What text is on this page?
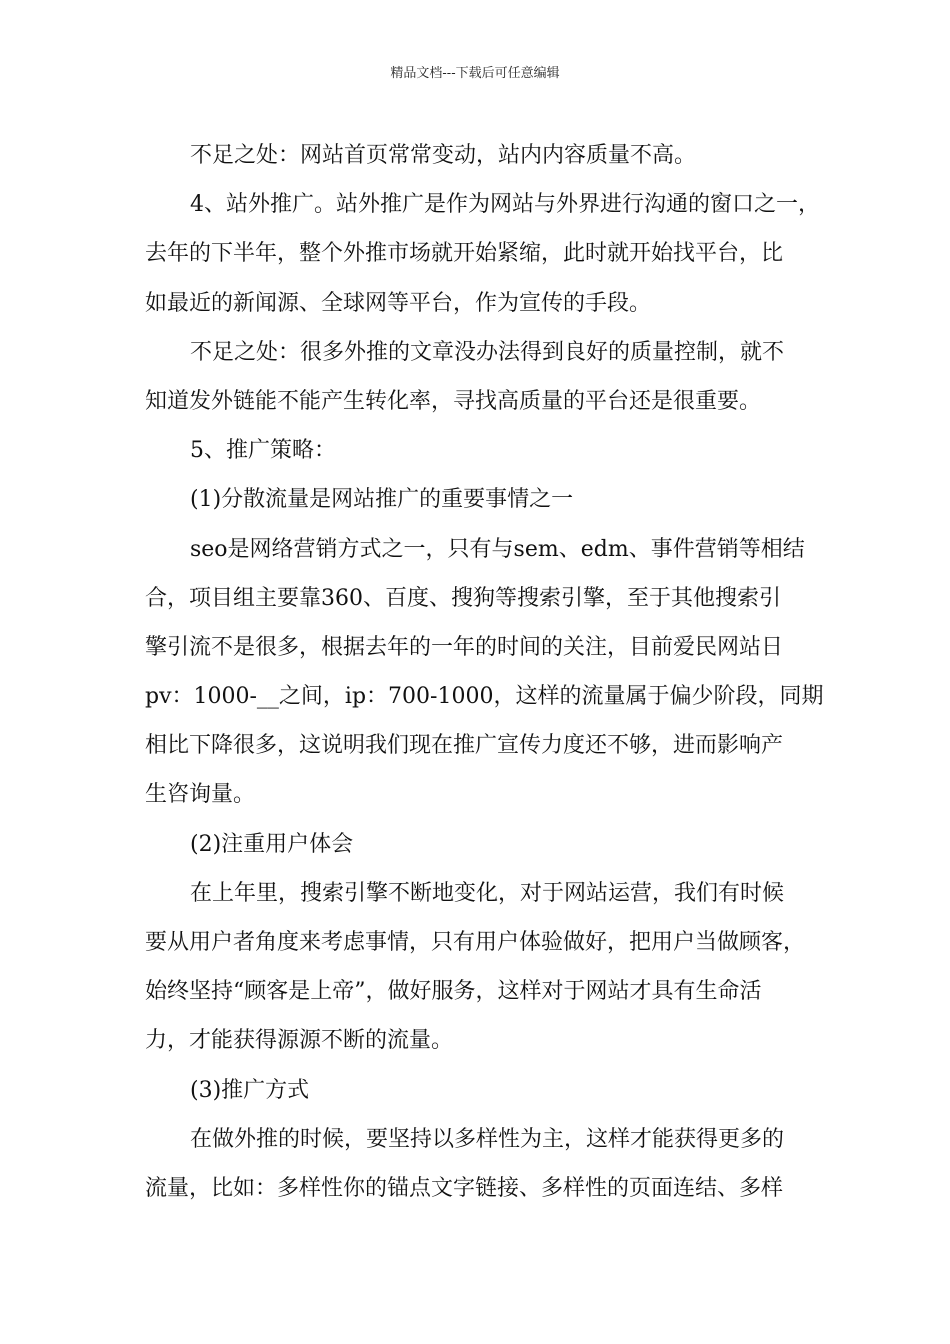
精品文档---下载后可任意编辑
不足之处：网站首页常常变动，站内内容质量不高。
4、站外推广。站外推广是作为网站与外界进行沟通的窗口之一，
去年的下半年，整个外推市场就开始紧缩，此时就开始找平台，比
如最近的新闻源、全球网等平台，作为宣传的手段。
不足之处：很多外推的文章没办法得到良好的质量控制，就不
知道发外链能不能产生转化率，寻找高质量的平台还是很重要。
5、推广策略：
(1)分散流量是网站推广的重要事情之一
seo是网络营销方式之一，只有与sem、edm、事件营销等相结
合，项目组主要靠360、百度、搜狗等搜索引擎，至于其他搜索引
擎引流不是很多，根据去年的一年的时间的关注，目前爱民网站日
pv：1000-__之间，ip：700-1000，这样的流量属于偏少阶段，同期
相比下降很多，这说明我们现在推广宣传力度还不够，进而影响产
生咨询量。
(2)注重用户体会
在上年里，搜索引擎不断地变化，对于网站运营，我们有时候
要从用户者角度来考虑事情，只有用户体验做好，把用户当做顾客，
始终坚持“顾客是上帝”，做好服务，这样对于网站才具有生命活
力，才能获得源源不断的流量。
(3)推广方式
在做外推的时候，要坚持以多样性为主，这样才能获得更多的
流量，比如：多样性你的锚点文字链接、多样性的页面连结、多样
